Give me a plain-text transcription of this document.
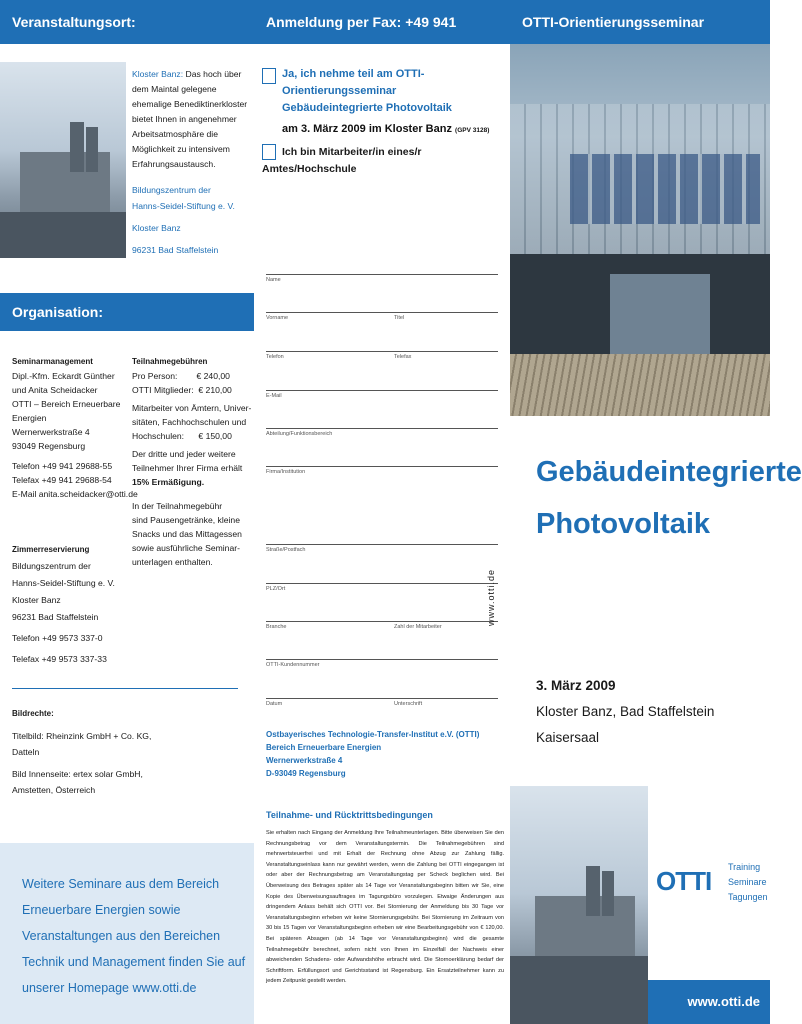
Veranstaltungsort:
Kloster Banz: Das hoch über dem Maintal gelegene ehemalige Benediktinerkloster bietet Ihnen in angenehmer Arbeitsatmosphäre die Möglichkeit zu intensivem Erfahrungsaustausch.
Bildungszentrum der
Hanns-Seidel-Stiftung e. V.
Kloster Banz
96231 Bad Staffelstein
Organisation:
Seminarmanagement
Dipl.-Kfm. Eckardt Günther
und Anita Scheidacker
OTTI – Bereich Erneuerbare
Energien
Wernerwerkstraße 4
93049 Regensburg
Telefon +49 941 29688-55
Telefax +49 941 29688-54
E-Mail anita.scheidacker@otti.de
Zimmerreservierung
Bildungszentrum der
Hanns-Seidel-Stiftung e. V.
Kloster Banz
96231 Bad Staffelstein
Telefon +49 9573 337-0
Telefax +49 9573 337-33
Teilnahmegebühren
Pro Person:        € 240,00
OTTI Mitglieder:  € 210,00
Mitarbeiter von Ämtern, Univer-
sitäten, Fachhochschulen und
Hochschulen:      € 150,00
Der dritte und jeder weitere
Teilnehmer Ihrer Firma erhält
15% Ermäßigung.
In der Teilnahmegebühr
sind Pausengetränke, kleine
Snacks und das Mittagessen
sowie ausführliche Seminar-
unterlagen enthalten.
Bildrechte:
Titelbild: Rheinzink GmbH + Co. KG,
Datteln
Bild Innenseite: ertex solar GmbH,
Amstetten, Österreich
Weitere Seminare aus dem Bereich
Erneuerbare Energien sowie
Veranstaltungen aus den Bereichen
Technik und Management finden Sie auf
unserer Homepage www.otti.de
Anmeldung per Fax: +49 941 29688-19
Ja, ich nehme teil am OTTI-Orientierungsseminar
Gebäudeintegrierte Photovoltaik
am 3. März 2009 im Kloster Banz (GPV 3128)
Ich bin Mitarbeiter/in eines/r Amtes/Hochschule
Name
Vorname	Titel
Telefon	Telefax
E-Mail
Abteilung/Funktionsbereich
Firma/Institution
Straße/Postfach
PLZ/Ort
Branche	Zahl der Mitarbeiter
OTTI-Kundennummer
Datum	Unterschrift
www.otti.de
Ostbayerisches Technologie-Transfer-Institut e.V. (OTTI)
Bereich Erneuerbare Energien
Wernerwerkstraße 4
D-93049 Regensburg
Teilnahme- und Rücktrittsbedingungen
Sie erhalten nach Eingang der Anmeldung Ihre Teilnahmeunterlagen. Bitte überweisen Sie den Rechnungsbetrag vor dem Veranstaltungstermin. Die Teilnahmegebühren sind mehrwertsteuerfrei und mit Erhalt der Rechnung ohne Abzug zur Zahlung fällig. Veranstaltungseinlass kann nur gewährt werden, wenn die Zahlung bei OTTI eingegangen ist oder aber der Rechnungsbetrag am Veranstaltungstag per Scheck beglichen wird. Bei Überweisung des Betrages später als 14 Tage vor Veranstaltungsbeginn bitten wir Sie, eine Kopie des Überweisungsauftrages im Tagungsbüro vorzulegen. Etwaige Änderungen aus dringendem Anlass behält sich OTTI vor. Bei Stornierung der Anmeldung bis 30 Tage vor Veranstaltungsbeginn erheben wir keine Stornierungsgebühr. Bei Stornierung im Zeitraum von 30 bis 15 Tagen vor Veranstaltungsbeginn erheben wir eine Bearbeitungsgebühr von € 120,00. Bei späteren Absagen (ab 14 Tage vor Veranstaltungsbeginn) wird die gesamte Teilnahmegebühr berechnet, sofern nicht von Ihnen im Einzelfall der Nachweis einer abweichenden Schadens- oder Aufwandshöhe erbracht wird. Die Stornoerklärung bedarf der Schriftform. Erfüllungsort und Gerichtsstand ist Regensburg. Ein Ersatzteilnehmer kann zu jedem Zeitpunkt gestellt werden.
OTTI-Orientierungsseminar
Gebäudeintegrierte
Photovoltaik
3. März 2009
Kloster Banz, Bad Staffelstein
Kaisersaal
OTTI Training
Seminare
Tagungen
www.otti.de
